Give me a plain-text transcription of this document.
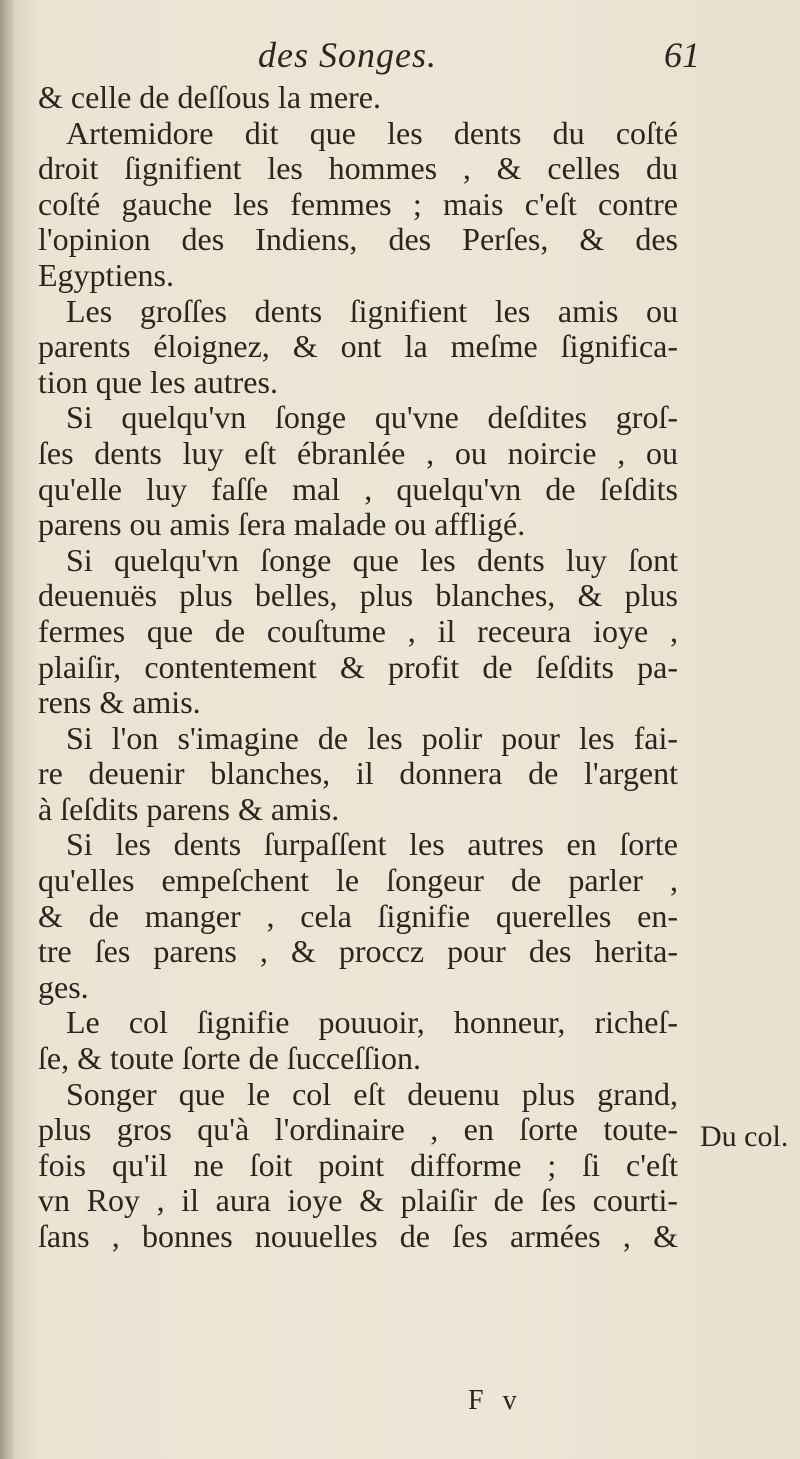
des Songes.	61
& celle de deſſous la mere.
Artemidore dit que les dents du coſté
droit ſignifient les hommes , & celles du
coſté gauche les femmes ; mais c'eſt contre
l'opinion des Indiens, des Perſes, & des
Egyptiens.
Les groſſes dents ſignifient les amis ou
parents éloignez, & ont la meſme ſignifica-
tion que les autres.
Si quelqu'vn ſonge qu'vne deſdites groſ-
ſes dents luy eſt ébranlée , ou noircie , ou
qu'elle luy faſſe mal , quelqu'vn de ſeſdits
parens ou amis ſera malade ou affligé.
Si quelqu'vn ſonge que les dents luy ſont
deuenuës plus belles, plus blanches, & plus
fermes que de couſtume , il receura ioye ,
plaiſir, contentement & profit de ſeſdits pa-
rens & amis.
Si l'on s'imagine de les polir pour les fai-
re deuenir blanches, il donnera de l'argent
à ſeſdits parens & amis.
Si les dents ſurpaſſent les autres en ſorte
qu'elles empeſchent le ſongeur de parler ,
& de manger , cela ſignifie querelles en-
tre ſes parens , & proccz pour des herita-
ges.
Le col ſignifie pouuoir, honneur, richeſ-
ſe, & toute ſorte de ſucceſſion.
Songer que le col eſt deuenu plus grand,
plus gros qu'à l'ordinaire , en ſorte toute-
fois qu'il ne ſoit point difforme ; ſi c'eſt
vn Roy , il aura ioye & plaiſir de ſes courti-
ſans , bonnes nouuelles de ſes armées , &
Du col.
F v
